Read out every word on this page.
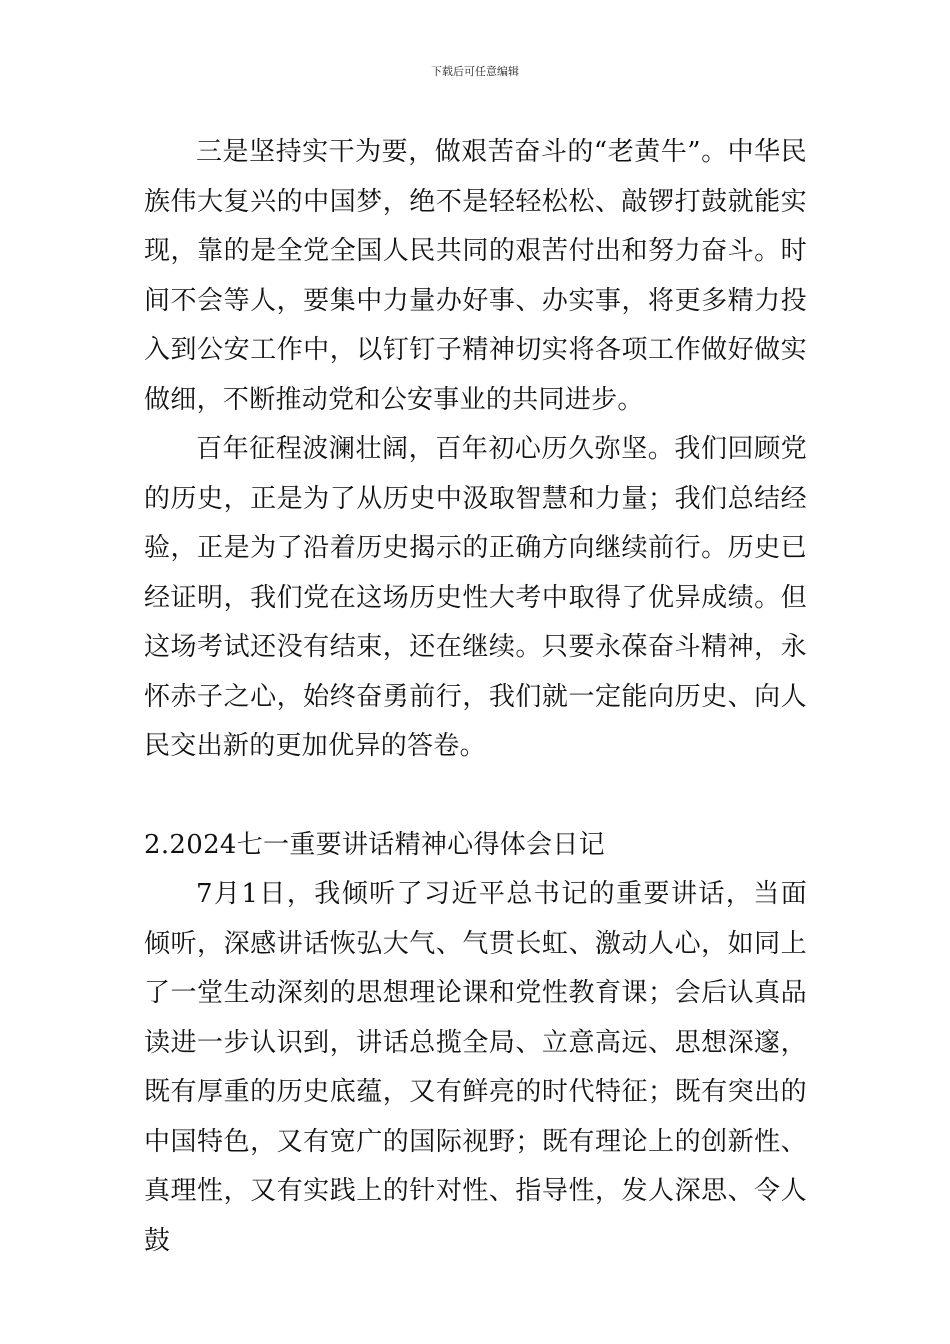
下载后可任意编辑

三是坚持实干为要，做艰苦奋斗的“老黄牛”。中华民族伟大复兴的中国梦，绝不是轻轻松松、敲锣打鼓就能实现，靠的是全党全国人民共同的艰苦付出和努力奋斗。时间不会等人，要集中力量办好事、办实事，将更多精力投入到公安工作中，以钉钉子精神切实将各项工作做好做实做细，不断推动党和公安事业的共同进步。

百年征程波澜壮阔，百年初心历久弥坚。我们回顾党的历史，正是为了从历史中汲取智慧和力量；我们总结经验，正是为了沿着历史揭示的正确方向继续前行。历史已经证明，我们党在这场历史性大考中取得了优异成绩。但这场考试还没有结束，还在继续。只要永葆奋斗精神，永怀赤子之心，始终奋勇前行，我们就一定能向历史、向人民交出新的更加优异的答卷。

2.2024七一重要讲话精神心得体会日记

7月1日，我倾听了习近平总书记的重要讲话，当面倾听，深感讲话恢弘大气、气贯长虹、激动人心，如同上了一堂生动深刻的思想理论课和党性教育课；会后认真品读进一步认识到，讲话总揽全局、立意高远、思想深邃，既有厚重的历史底蕴，又有鲜亮的时代特征；既有突出的中国特色，又有宽广的国际视野；既有理论上的创新性、真理性，又有实践上的针对性、指导性，发人深思、令人鼓
